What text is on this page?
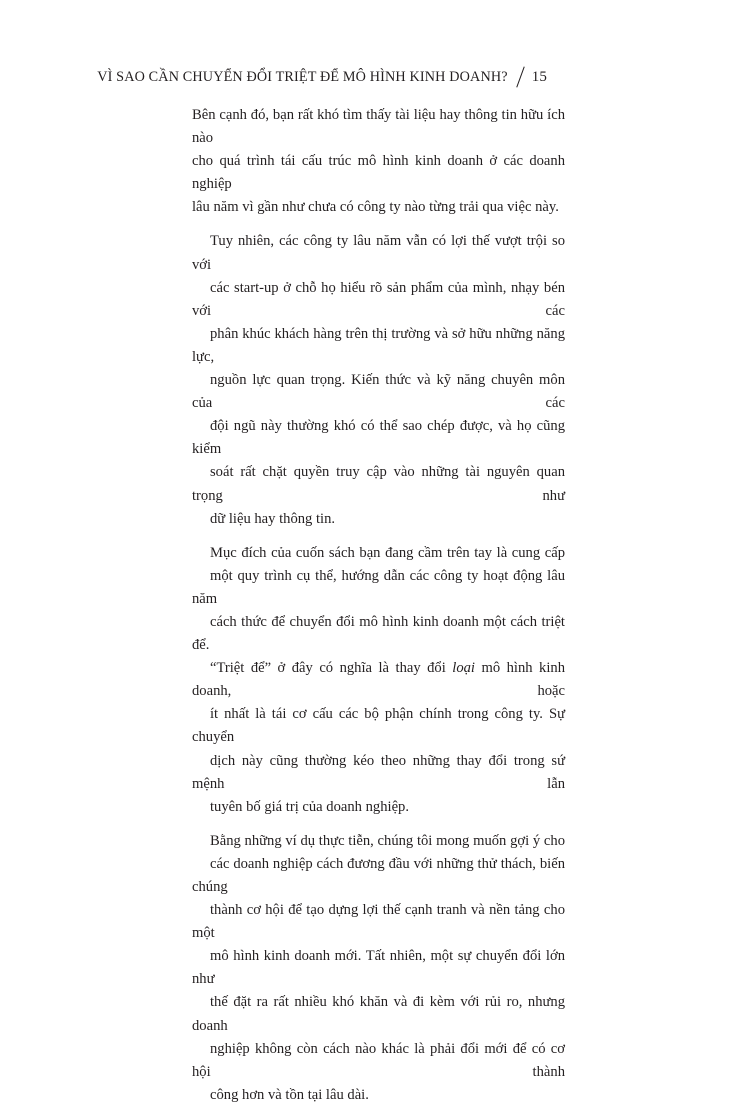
VÌ SAO CẦN CHUYỂN ĐỔI TRIỆT ĐỂ MÔ HÌNH KINH DOANH? 15

Bên cạnh đó, bạn rất khó tìm thấy tài liệu hay thông tin hữu ích nào
cho quá trình tái cấu trúc mô hình kinh doanh ở các doanh nghiệp
lâu năm vì gần như chưa có công ty nào từng trải qua việc này.

Tuy nhiên, các công ty lâu năm vẫn có lợi thế vượt trội so với
các start-up ở chỗ họ hiểu rõ sản phẩm của mình, nhạy bén với các
phân khúc khách hàng trên thị trường và sở hữu những năng lực,
nguồn lực quan trọng. Kiến thức và kỹ năng chuyên môn của các
đội ngũ này thường khó có thể sao chép được, và họ cũng kiểm
soát rất chặt quyền truy cập vào những tài nguyên quan trọng như
dữ liệu hay thông tin.

Mục đích của cuốn sách bạn đang cầm trên tay là cung cấp
một quy trình cụ thể, hướng dẫn các công ty hoạt động lâu năm
cách thức để chuyển đổi mô hình kinh doanh một cách triệt để.
“Triệt để” ở đây có nghĩa là thay đổi loại mô hình kinh doanh, hoặc
ít nhất là tái cơ cấu các bộ phận chính trong công ty. Sự chuyển
dịch này cũng thường kéo theo những thay đổi trong sứ mệnh lẫn
tuyên bố giá trị của doanh nghiệp.

Bằng những ví dụ thực tiễn, chúng tôi mong muốn gợi ý cho
các doanh nghiệp cách đương đầu với những thử thách, biến chúng
thành cơ hội để tạo dựng lợi thế cạnh tranh và nền tảng cho một
mô hình kinh doanh mới. Tất nhiên, một sự chuyển đổi lớn như
thế đặt ra rất nhiều khó khăn và đi kèm với rủi ro, nhưng doanh
nghiệp không còn cách nào khác là phải đổi mới để có cơ hội thành
công hơn và tồn tại lâu dài.
